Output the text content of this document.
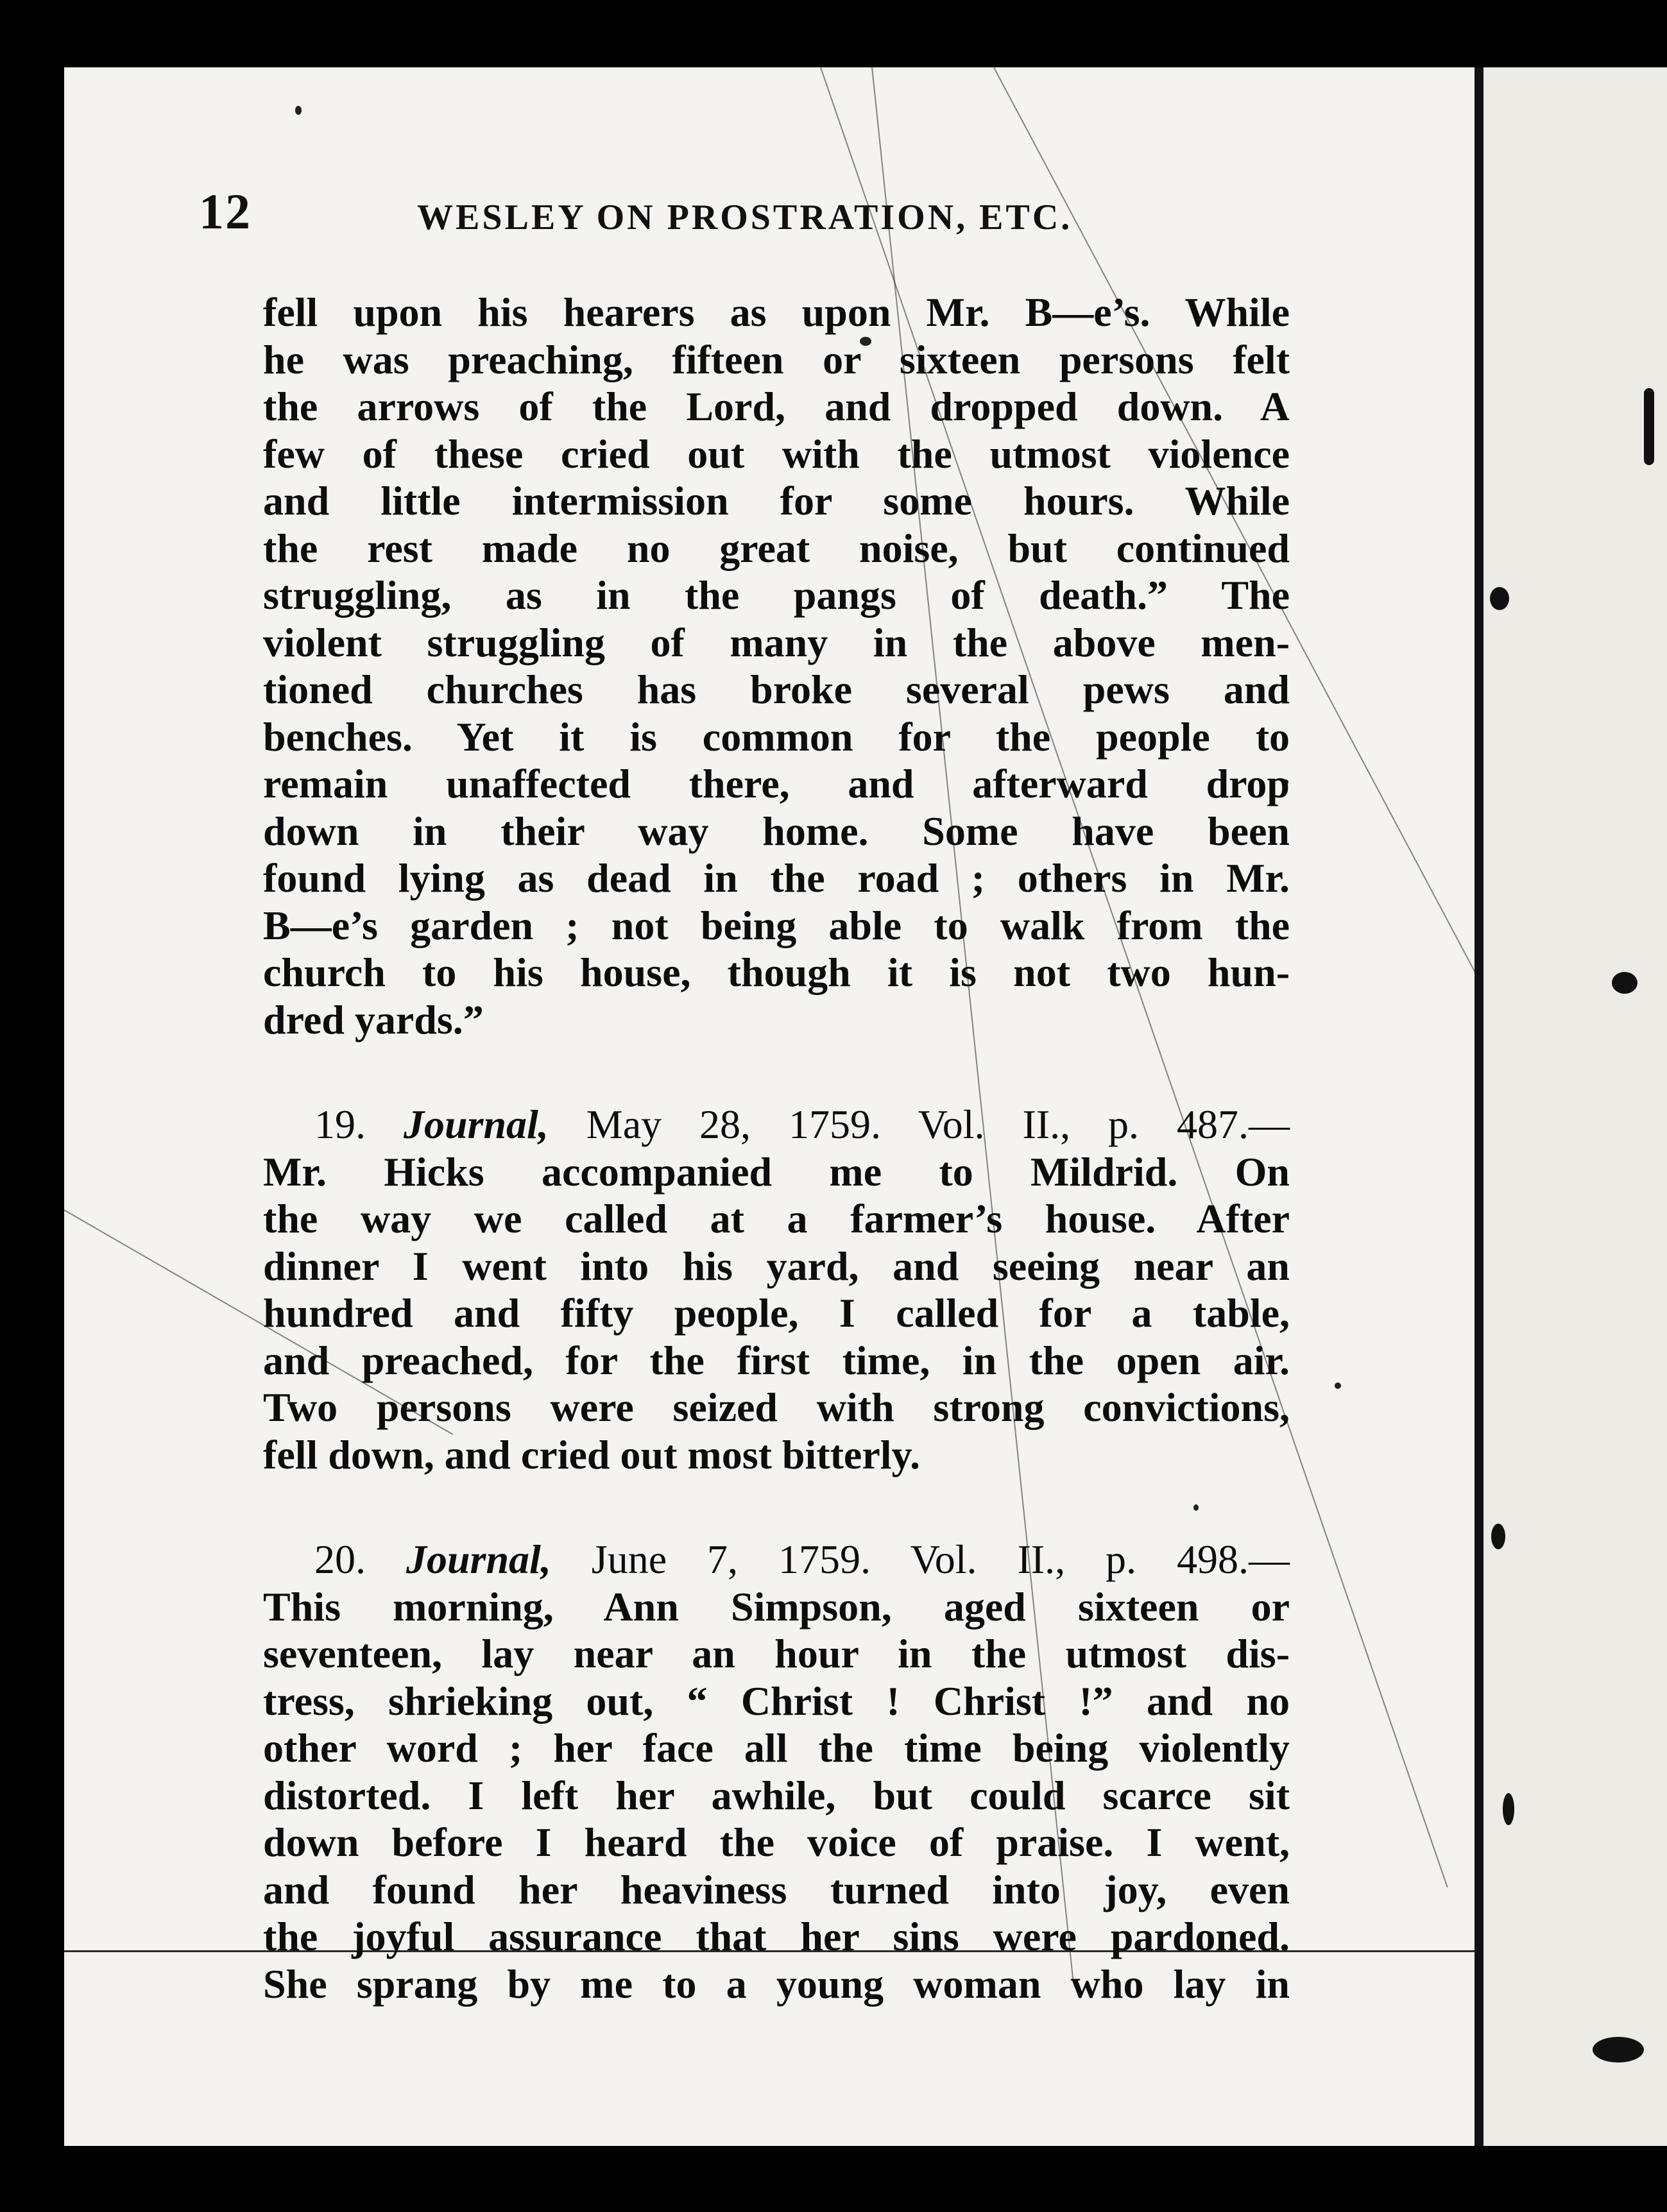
12	WESLEY ON PROSTRATION, ETC.
fell upon his hearers as upon Mr. B—e’s. While
he was preaching, fifteen or sixteen persons felt
the arrows of the Lord, and dropped down. A
few of these cried out with the utmost violence
and little intermission for some hours. While
the rest made no great noise, but continued
struggling, as in the pangs of death.” The
violent struggling of many in the above men-
tioned churches has broke several pews and
benches. Yet it is common for the people to
remain unaffected there, and afterward drop
down in their way home. Some have been
found lying as dead in the road ; others in Mr.
B—e’s garden ; not being able to walk from the
church to his house, though it is not two hun-
dred yards.”
19. Journal, May 28, 1759. Vol. II., p. 487.—
Mr. Hicks accompanied me to Mildrid. On
the way we called at a farmer’s house. After
dinner I went into his yard, and seeing near an
hundred and fifty people, I called for a table,
and preached, for the first time, in the open air.
Two persons were seized with strong convictions,
fell down, and cried out most bitterly.
20. Journal, June 7, 1759. Vol. II., p. 498.—
This morning, Ann Simpson, aged sixteen or
seventeen, lay near an hour in the utmost dis-
tress, shrieking out, “ Christ ! Christ !” and no
other word ; her face all the time being violently
distorted. I left her awhile, but could scarce sit
down before I heard the voice of praise. I went,
and found her heaviness turned into joy, even
the joyful assurance that her sins were pardoned.
She sprang by me to a young woman who lay in
